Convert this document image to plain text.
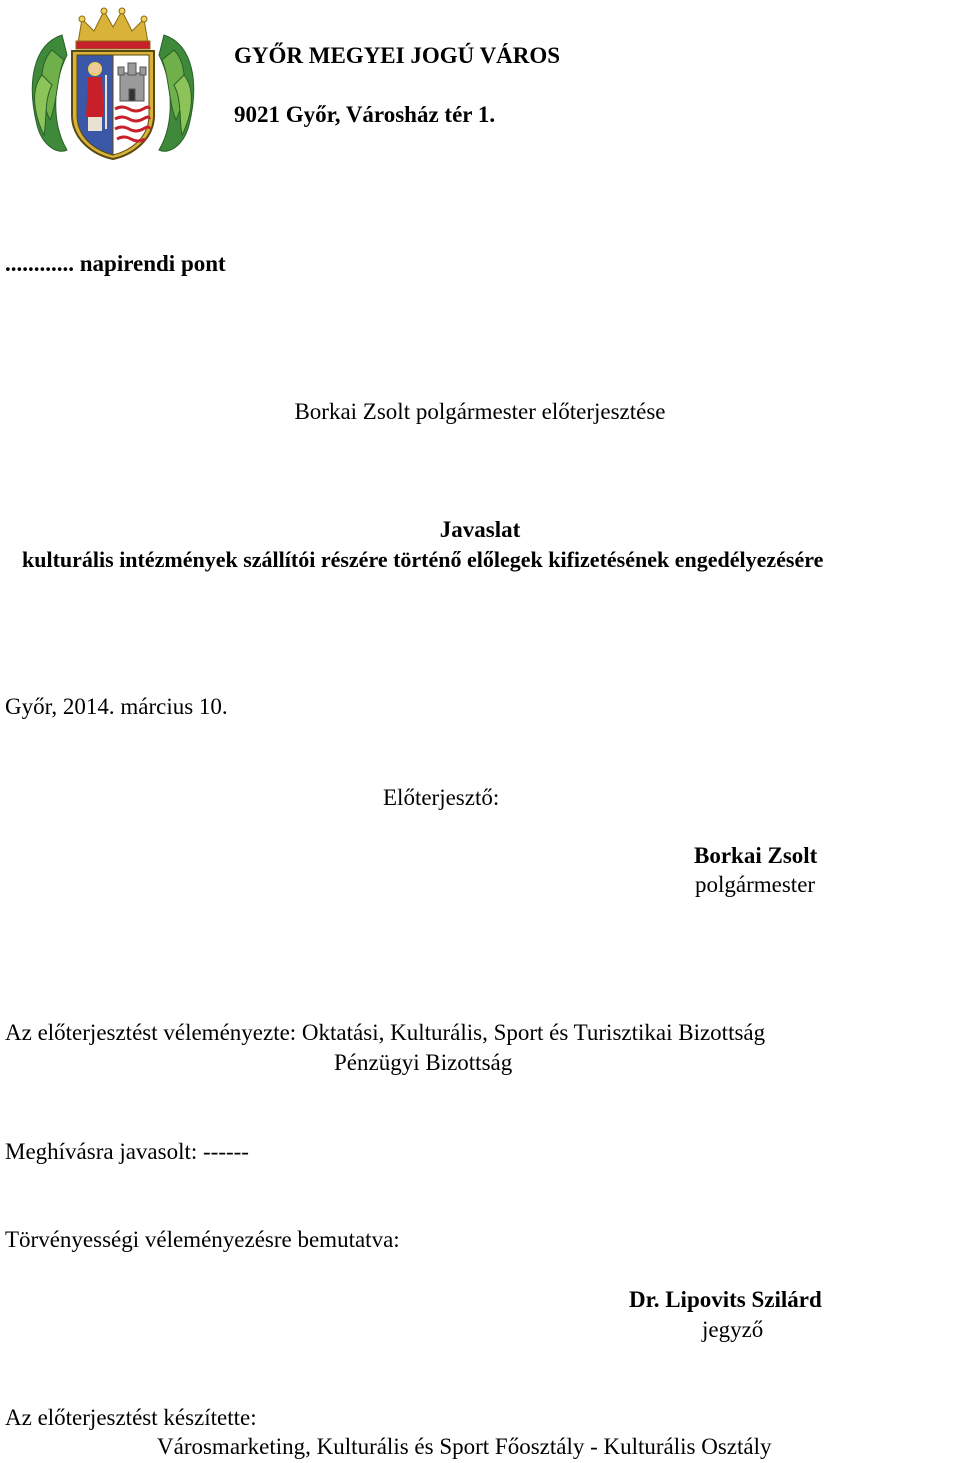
GYŐR MEGYEI JOGÚ VÁROS

9021 Győr, Városház tér 1.

............ napirendi pont

Borkai Zsolt polgármester előterjesztése

Javaslat

kulturális intézmények szállítói részére történő előlegek kifizetésének engedélyezésére

Győr, 2014. március 10.

Előterjesztő:

Borkai Zsolt

polgármester

Az előterjesztést véleményezte: Oktatási, Kulturális, Sport és Turisztikai Bizottság

Pénzügyi Bizottság

Meghívásra javasolt: ------

Törvényességi véleményezésre bemutatva:

Dr. Lipovits Szilárd

jegyző

Az előterjesztést készítette:

Városmarketing, Kulturális és Sport Főosztály - Kulturális Osztály
